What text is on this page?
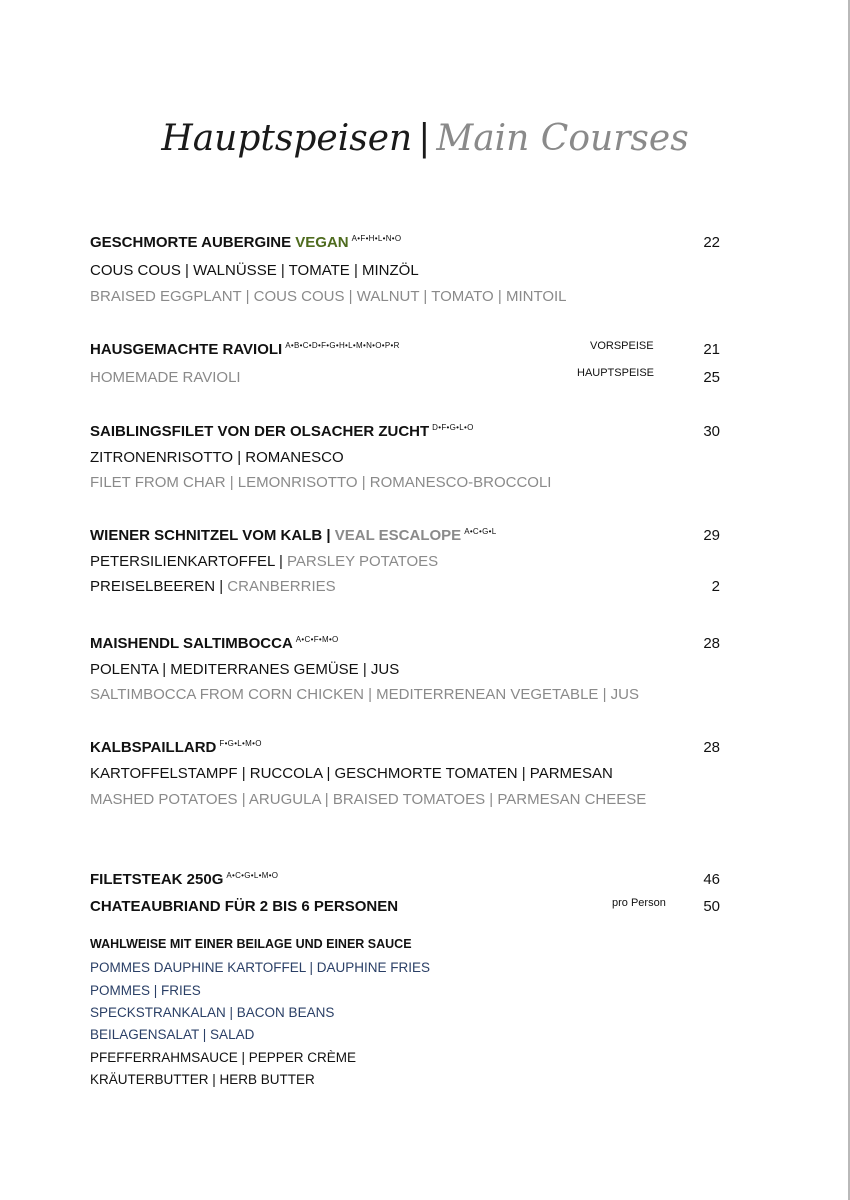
Hauptspeisen | Main Courses
GESCHMORTE AUBERGINE VEGAN $^{A•F•H•L•N•O}$	22
COUS COUS | WALNÜSSE | TOMATE | MINZÖL
BRAISED EGGPLANT | COUS COUS | WALNUT | TOMATO | MINTOIL
HAUSGEMACHTE RAVIOLI $^{A•B•C•D•F•G•H•L•M•N•O•P•R}$	VORSPEISE	21
HOMEMADE RAVIOLI	HAUPTSPEISE	25
SAIBLINGSFILET VON DER OLSACHER ZUCHT $^{D•F•G•L•O}$	30
ZITRONENRISOTTO | ROMANESCO
FILET FROM CHAR | LEMONRISOTTO | ROMANESCO-BROCCOLI
WIENER SCHNITZEL VOM KALB | VEAL ESCALOPE $^{A•C•G•L}$	29
PETERSILIENKARTOFFEL | PARSLEY POTATOES
PREISELBEEREN | CRANBERRIES	2
MAISHENDL SALTIMBOCCA $^{A•C•F•M•O}$	28
POLENTA | MEDITERRANES GEMÜSE | JUS
SALTIMBOCCA FROM CORN CHICKEN | MEDITERRENEAN VEGETABLE | JUS
KALBSPAILLARD $^{F•G•L•M•O}$	28
KARTOFFELSTAMPF | RUCCOLA | GESCHMORTE TOMATEN | PARMESAN
MASHED POTATOES | ARUGULA | BRAISED TOMATOES | PARMESAN CHEESE
FILETSTEAK 250G $^{A•C•G•L•M•O}$	46
CHATEAUBRIAND FÜR 2 BIS 6 PERSONEN	pro Person	50
WAHLWEISE MIT EINER BEILAGE UND EINER SAUCE
POMMES DAUPHINE KARTOFFEL | DAUPHINE FRIES
POMMES | FRIES
SPECKSTRANKALAN | BACON BEANS
BEILAGENSALAT | SALAD
PFEFFERRAHMSAUCE | PEPPER CRÈME
KRÄUTERBUTTER | HERB BUTTER
